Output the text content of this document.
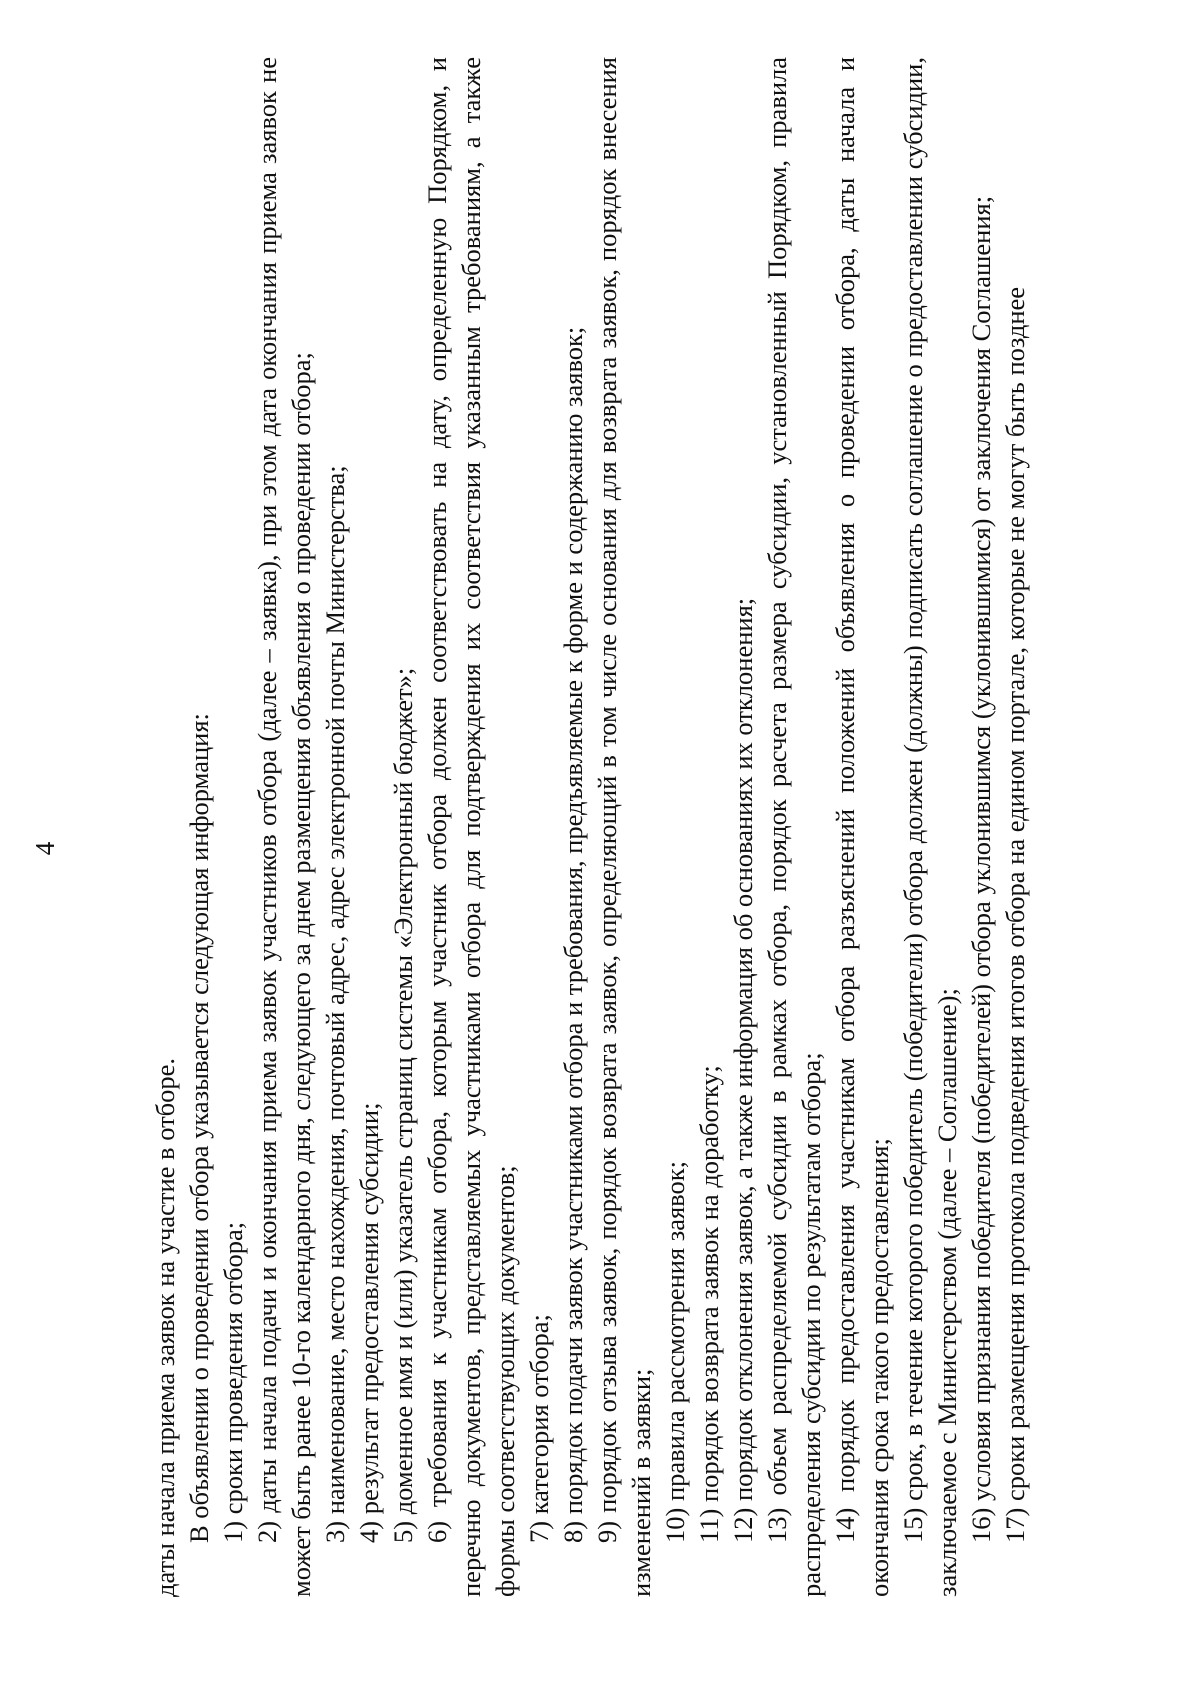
4

даты начала приема заявок на участие в отборе. В объявлении о проведении отбора указывается следующая информация: 1) сроки проведения отбора; 2) даты начала подачи и окончания приема заявок участников отбора (далее – заявка), при этом дата окончания приема заявок не может быть ранее 10-го календарного дня, следующего за днем размещения объявления о проведении отбора; 3) наименование, место нахождения, почтовый адрес, адрес электронной почты Министерства; 4) результат предоставления субсидии; 5) доменное имя и (или) указатель страниц системы «Электронный бюджет»; 6) требования к участникам отбора, которым участник отбора должен соответствовать на дату, определенную Порядком, и перечню документов, представляемых участниками отбора для подтверждения их соответствия указанным требованиям, а также формы соответствующих документов; 7) категория отбора; 8) порядок подачи заявок участниками отбора и требования, предъявляемые к форме и содержанию заявок; 9) порядок отзыва заявок, порядок возврата заявок, определяющий в том числе основания для возврата заявок, порядок внесения изменений в заявки; 10) правила рассмотрения заявок; 11) порядок возврата заявок на доработку; 12) порядок отклонения заявок, а также информация об основаниях их отклонения; 13) объем распределяемой субсидии в рамках отбора, порядок расчета размера субсидии, установленный Порядком, правила распределения субсидии по результатам отбора; 14) порядок предоставления участникам отбора разъяснений положений объявления о проведении отбора, даты начала и окончания срока такого предоставления; 15) срок, в течение которого победитель (победители) отбора должен (должны) подписать соглашение о предоставлении субсидии, заключаемое с Министерством (далее – Соглашение); 16) условия признания победителя (победителей) отбора уклонившимся (уклонившимися) от заключения Соглашения; 17) сроки размещения протокола подведения итогов отбора на едином портале, которые не могут быть позднее
